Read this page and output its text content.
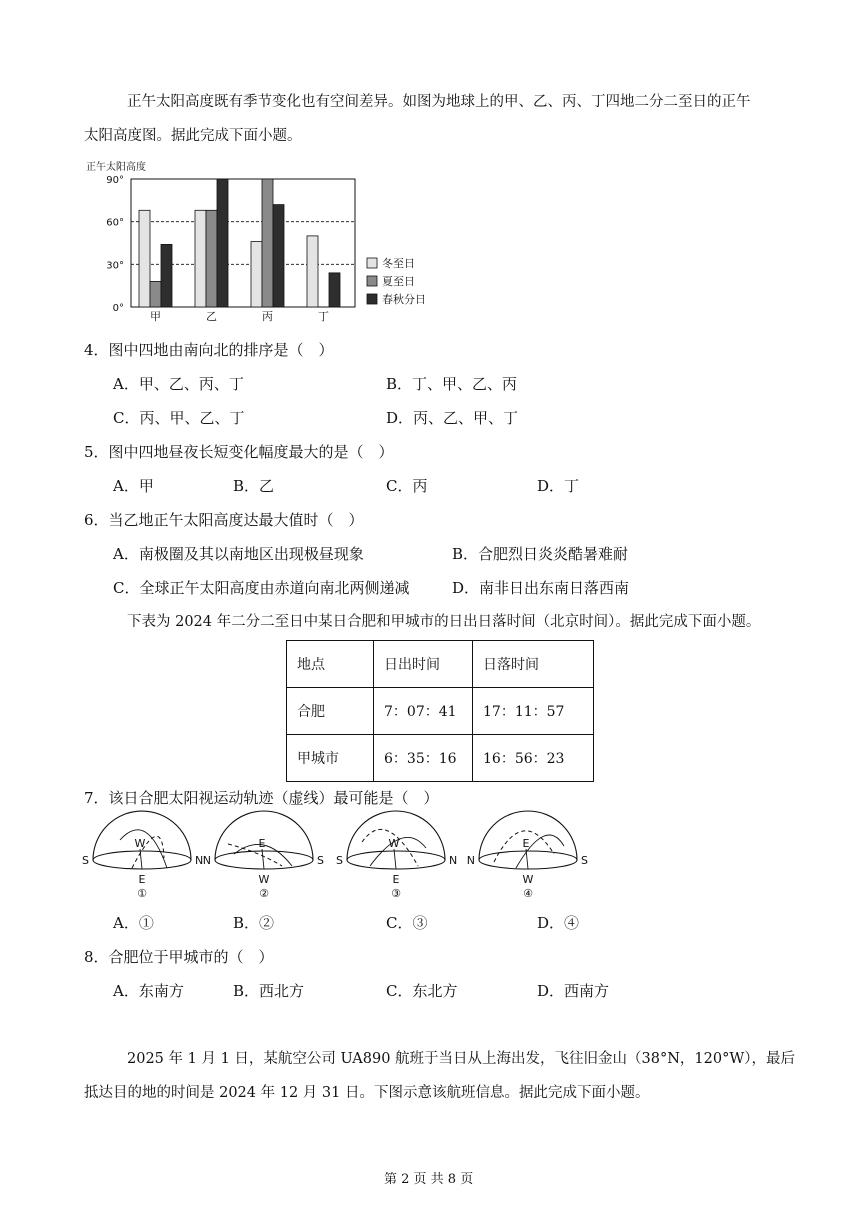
正午太阳高度既有季节变化也有空间差异。如图为地球上的甲、乙、丙、丁四地二分二至日的正午
太阳高度图。据此完成下面小题。
正午太阳高度
90°
60°
30°
0°
甲	乙	丙	丁
冬至日
夏至日
春秋分日
4．图中四地由南向北的排序是（　）
A．甲、乙、丙、丁	B．丁、甲、乙、丙
C．丙、甲、乙、丁	D．丙、乙、甲、丁
5．图中四地昼夜长短变化幅度最大的是（　）
A．甲	B．乙	C．丙	D．丁
6．当乙地正午太阳高度达最大值时（　）
A．南极圈及其以南地区出现极昼现象	B．合肥烈日炎炎酷暑难耐
C．全球正午太阳高度由赤道向南北两侧递减	D．南非日出东南日落西南
下表为 2024 年二分二至日中某日合肥和甲城市的日出日落时间（北京时间）。据此完成下面小题。
地点	日出时间	日落时间
合肥	7：07：41	17：11：57
甲城市	6：35：16	16：56：23
7．该日合肥太阳视运动轨迹（虚线）最可能是（　）
S	N
W
E
①
N	S
E
W
②
S	N
W
E
③
N	S
E
W
④
A．①	B．②	C．③	D．④
8．合肥位于甲城市的（　）
A．东南方	B．西北方	C．东北方	D．西南方
2025 年 1 月 1 日，某航空公司 UA890 航班于当日从上海出发，飞往旧金山（38°N，120°W），最后
抵达目的地的时间是 2024 年 12 月 31 日。下图示意该航班信息。据此完成下面小题。
第 2 页 共 8 页
